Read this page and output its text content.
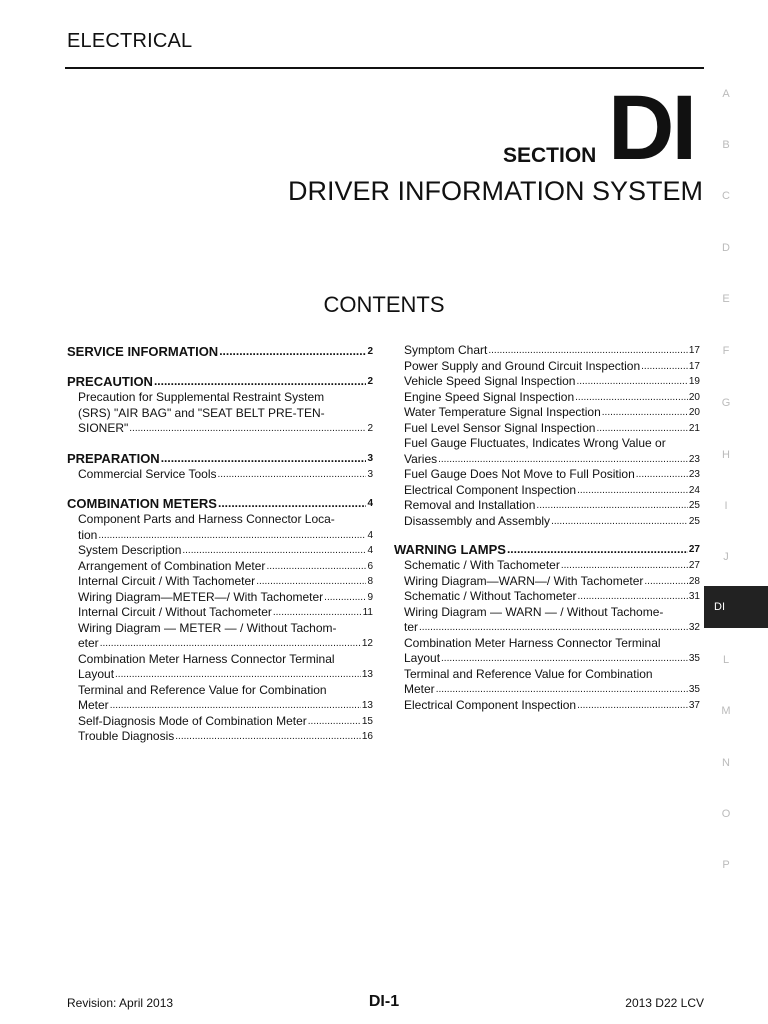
ELECTRICAL
SECTION DI
DRIVER INFORMATION SYSTEM
CONTENTS
SERVICE INFORMATION .....	2
PRECAUTION .....	2
Precaution for Supplemental Restraint System
(SRS) "AIR BAG" and "SEAT BELT PRE-TEN-
SIONER" .....	2
PREPARATION .....	3
Commercial Service Tools .....	3
COMBINATION METERS .....	4
Component Parts and Harness Connector Loca-
tion .....	4
System Description .....	4
Arrangement of Combination Meter .....	6
Internal Circuit / With Tachometer .....	8
Wiring Diagram—METER—/ With Tachometer .....	9
Internal Circuit / Without Tachometer .....	11
Wiring Diagram — METER — / Without Tachom-
eter .....	12
Combination Meter Harness Connector Terminal
Layout .....	13
Terminal and Reference Value for Combination
Meter .....	13
Self-Diagnosis Mode of Combination Meter .....	15
Trouble Diagnosis .....	16
Symptom Chart .....	17
Power Supply and Ground Circuit Inspection .....	17
Vehicle Speed Signal Inspection .....	19
Engine Speed Signal Inspection .....	20
Water Temperature Signal Inspection .....	20
Fuel Level Sensor Signal Inspection .....	21
Fuel Gauge Fluctuates, Indicates Wrong Value or
Varies .....	23
Fuel Gauge Does Not Move to Full Position .....	23
Electrical Component Inspection .....	24
Removal and Installation .....	25
Disassembly and Assembly .....	25
WARNING LAMPS .....	27
Schematic / With Tachometer .....	27
Wiring Diagram—WARN—/ With Tachometer .....	28
Schematic / Without Tachometer .....	31
Wiring Diagram — WARN — / Without Tachome-
ter .....	32
Combination Meter Harness Connector Terminal
Layout .....	35
Terminal and Reference Value for Combination
Meter .....	35
Electrical Component Inspection .....	37
A
B
C
D
E
F
G
H
I
J
DI
L
M
N
O
P
Revision: April 2013	DI-1	2013 D22 LCV
